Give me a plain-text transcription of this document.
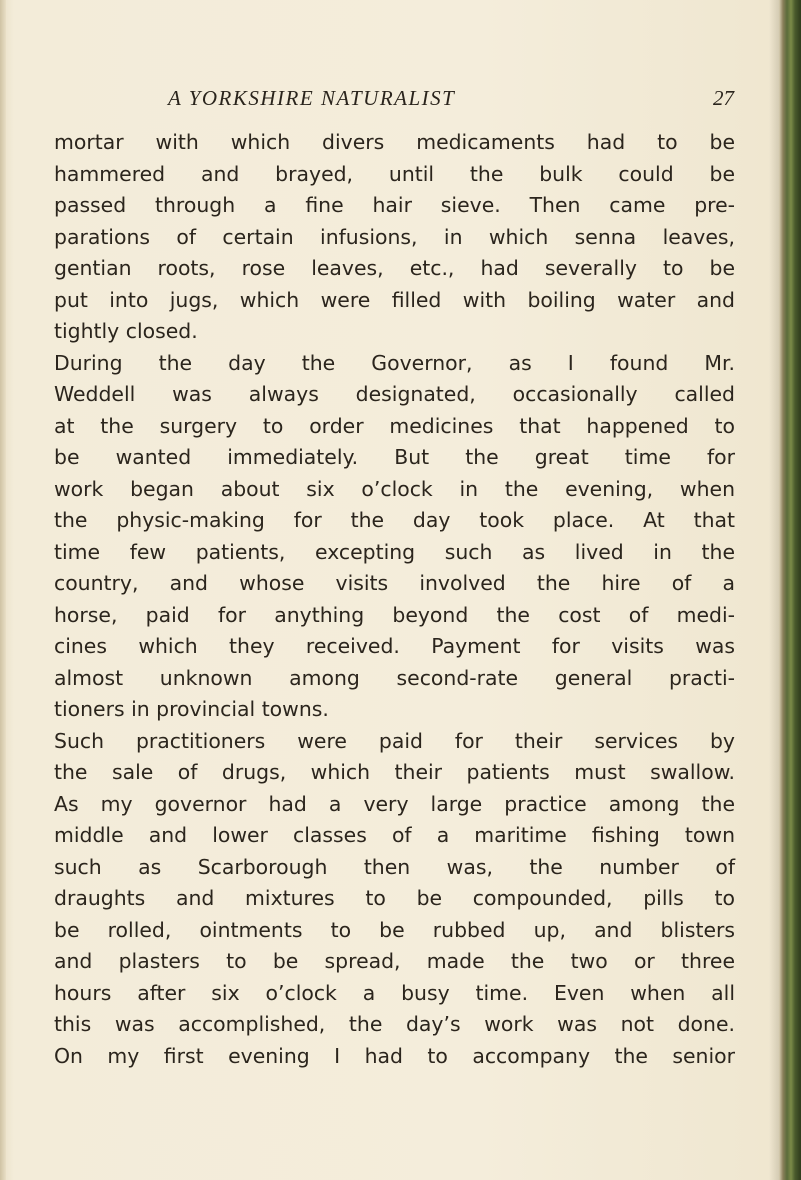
A YORKSHIRE NATURALIST	27
mortar with which divers medicaments had to be
hammered and brayed, until the bulk could be
passed through a fine hair sieve. Then came pre-
parations of certain infusions, in which senna leaves,
gentian roots, rose leaves, etc., had severally to be
put into jugs, which were filled with boiling water and
tightly closed.
During the day the Governor, as I found Mr.
Weddell was always designated, occasionally called
at the surgery to order medicines that happened to
be wanted immediately. But the great time for
work began about six o’clock in the evening, when
the physic-making for the day took place. At that
time few patients, excepting such as lived in the
country, and whose visits involved the hire of a
horse, paid for anything beyond the cost of medi-
cines which they received. Payment for visits was
almost unknown among second-rate general practi-
tioners in provincial towns.
Such practitioners were paid for their services by
the sale of drugs, which their patients must swallow.
As my governor had a very large practice among the
middle and lower classes of a maritime fishing town
such as Scarborough then was, the number of
draughts and mixtures to be compounded, pills to
be rolled, ointments to be rubbed up, and blisters
and plasters to be spread, made the two or three
hours after six o’clock a busy time. Even when all
this was accomplished, the day’s work was not done.
On my first evening I had to accompany the senior
